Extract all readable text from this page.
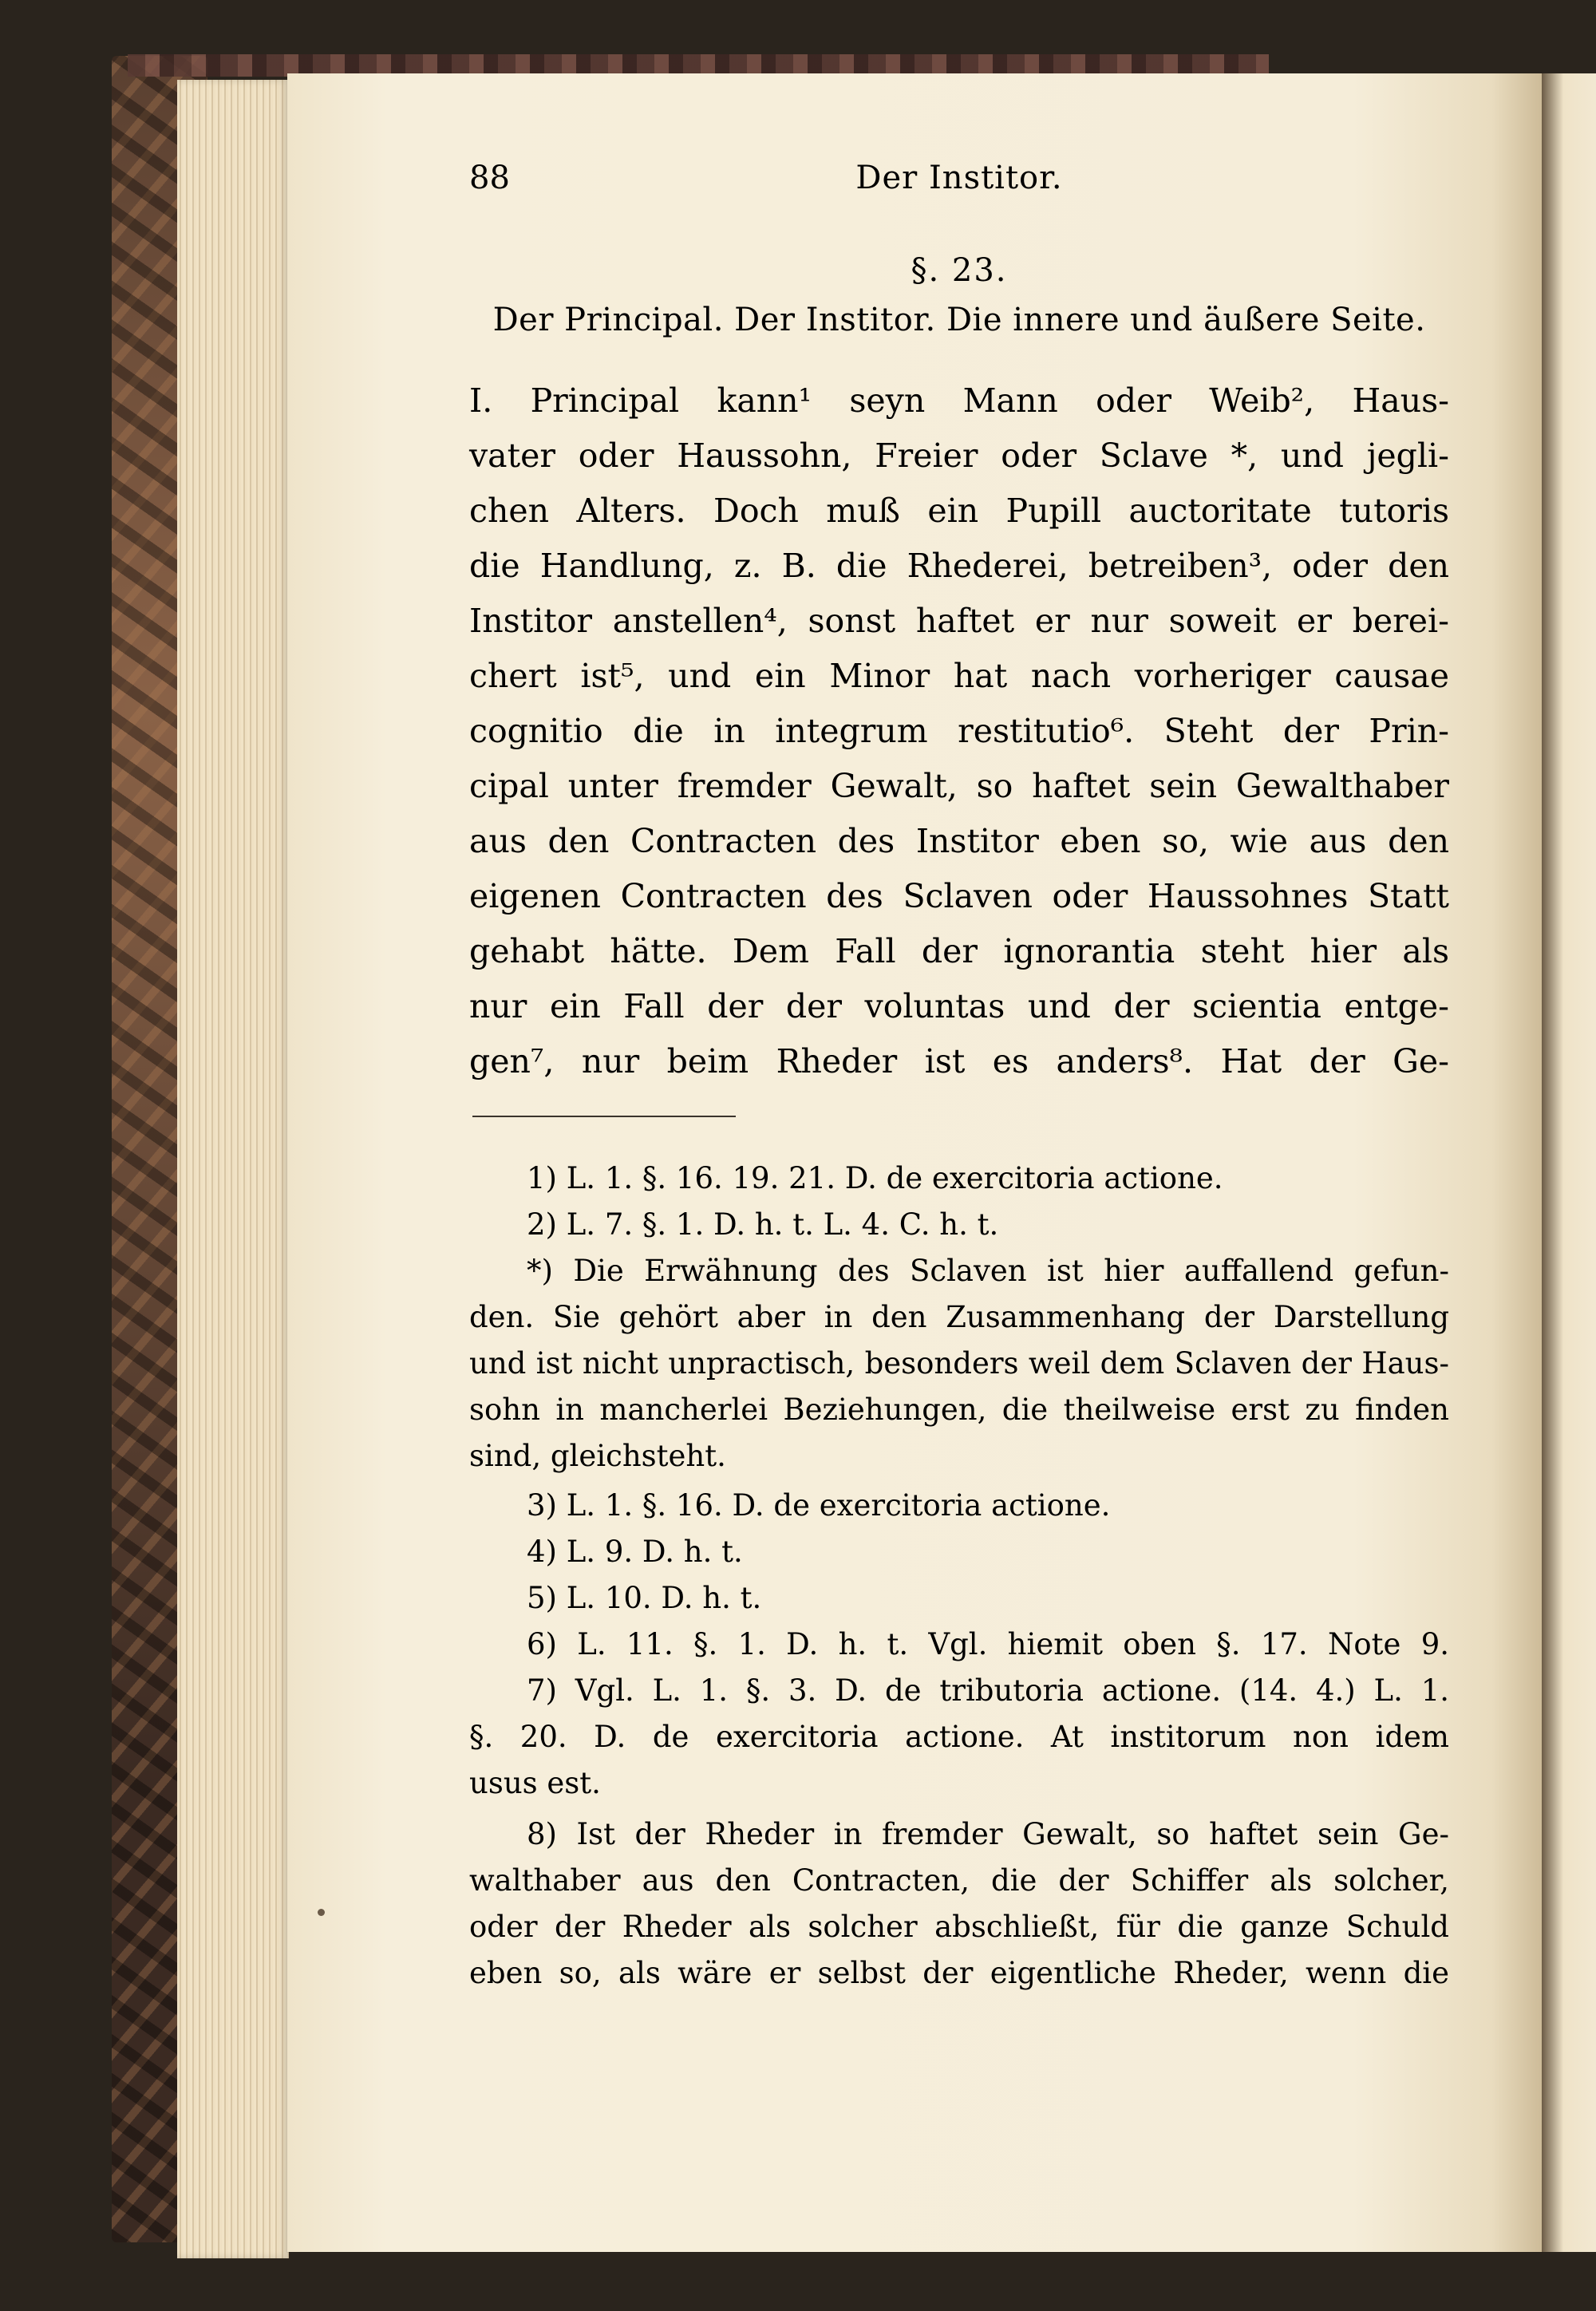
88	Der Institor.
§. 23.
Der Principal. Der Institor. Die innere und äußere Seite.
I. Principal kann¹ seyn Mann oder Weib², Haus-
vater oder Haussohn, Freier oder Sclave *, und jegli-
chen Alters. Doch muß ein Pupill auctoritate tutoris
die Handlung, z. B. die Rhederei, betreiben³, oder den
Institor anstellen⁴, sonst haftet er nur soweit er berei-
chert ist⁵, und ein Minor hat nach vorheriger causae
cognitio die in integrum restitutio⁶. Steht der Prin-
cipal unter fremder Gewalt, so haftet sein Gewalthaber
aus den Contracten des Institor eben so, wie aus den
eigenen Contracten des Sclaven oder Haussohnes Statt
gehabt hätte. Dem Fall der ignorantia steht hier als
nur ein Fall der der voluntas und der scientia entge-
gen⁷, nur beim Rheder ist es anders⁸. Hat der Ge-
1) L. 1. §. 16. 19. 21. D. de exercitoria actione.
2) L. 7. §. 1. D. h. t. L. 4. C. h. t.
*) Die Erwähnung des Sclaven ist hier auffallend gefun-
den. Sie gehört aber in den Zusammenhang der Darstellung
und ist nicht unpractisch, besonders weil dem Sclaven der Haus-
sohn in mancherlei Beziehungen, die theilweise erst zu finden
sind, gleichsteht.
3) L. 1. §. 16. D. de exercitoria actione.
4) L. 9. D. h. t.
5) L. 10. D. h. t.
6) L. 11. §. 1. D. h. t. Vgl. hiemit oben §. 17. Note 9.
7) Vgl. L. 1. §. 3. D. de tributoria actione. (14. 4.) L. 1.
§. 20. D. de exercitoria actione. At institorum non idem
usus est.
8) Ist der Rheder in fremder Gewalt, so haftet sein Ge-
walthaber aus den Contracten, die der Schiffer als solcher,
oder der Rheder als solcher abschließt, für die ganze Schuld
eben so, als wäre er selbst der eigentliche Rheder, wenn die
